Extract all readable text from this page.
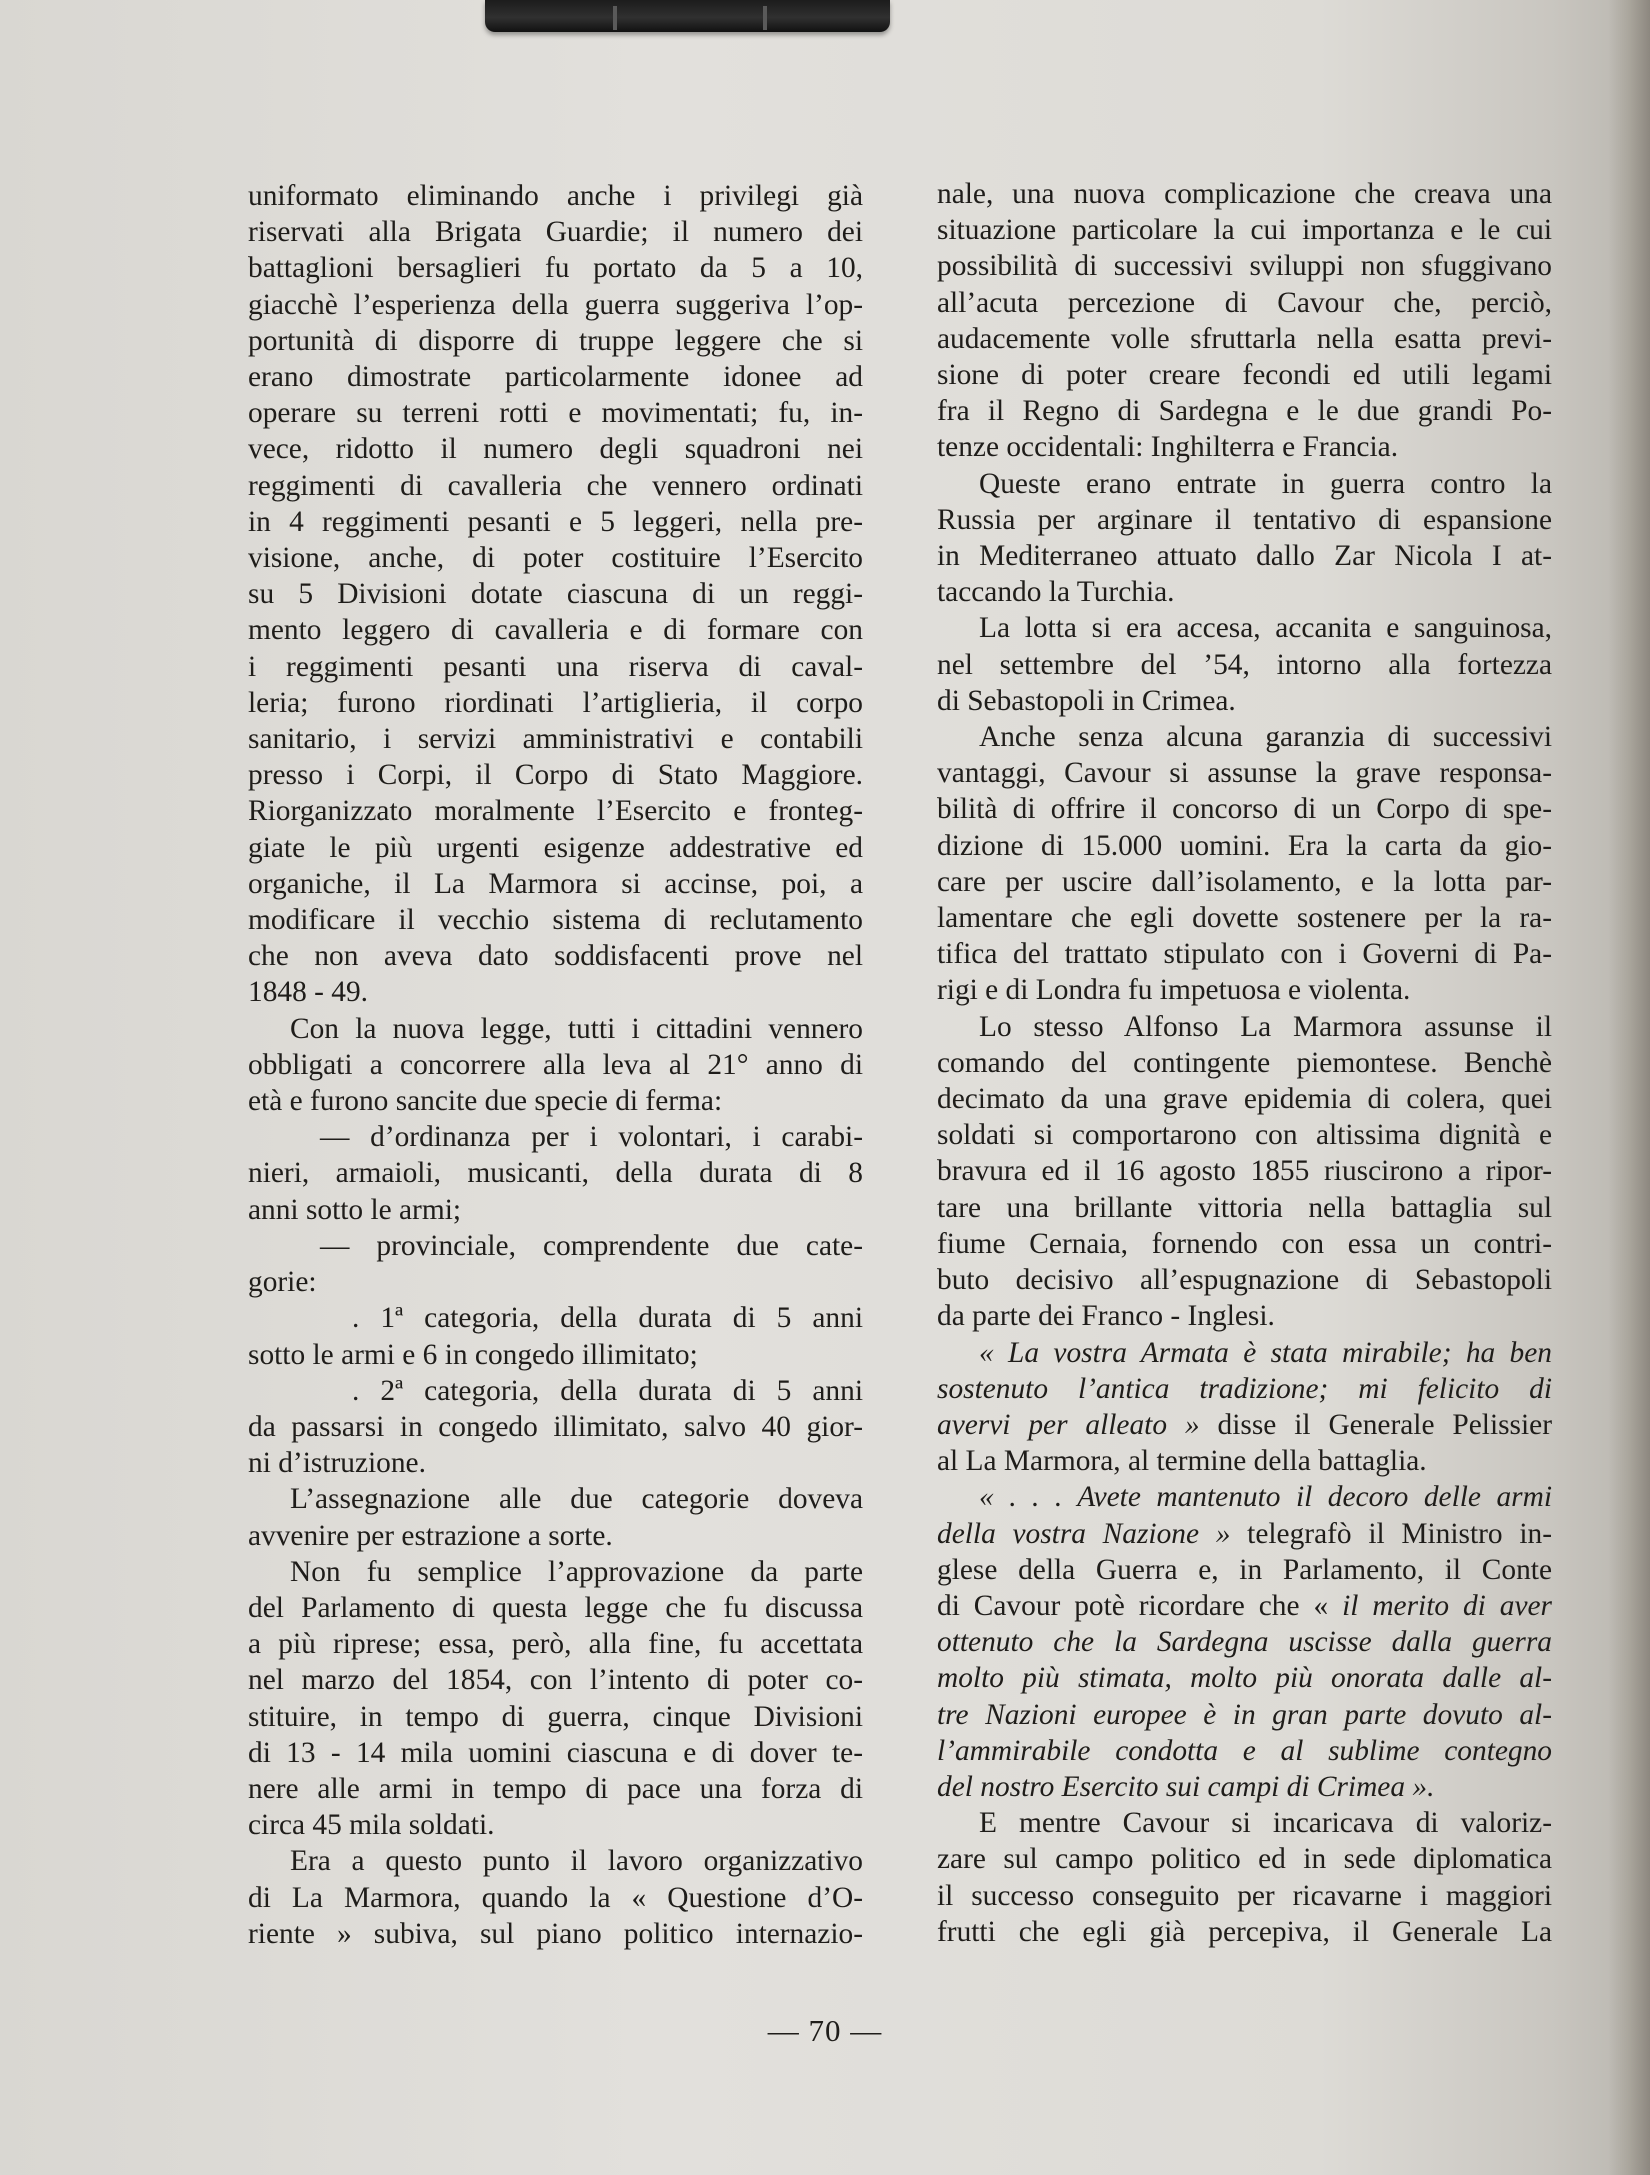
uniformato eliminando anche i privilegi già
riservati alla Brigata Guardie; il numero dei
battaglioni bersaglieri fu portato da 5 a 10,
giacchè l’esperienza della guerra suggeriva l’op-
portunità di disporre di truppe leggere che si
erano dimostrate particolarmente idonee ad
operare su terreni rotti e movimentati; fu, in-
vece, ridotto il numero degli squadroni nei
reggimenti di cavalleria che vennero ordinati
in 4 reggimenti pesanti e 5 leggeri, nella pre-
visione, anche, di poter costituire l’Esercito
su 5 Divisioni dotate ciascuna di un reggi-
mento leggero di cavalleria e di formare con
i reggimenti pesanti una riserva di caval-
leria; furono riordinati l’artiglieria, il corpo
sanitario, i servizi amministrativi e contabili
presso i Corpi, il Corpo di Stato Maggiore.
Riorganizzato moralmente l’Esercito e fronteg-
giate le più urgenti esigenze addestrative ed
organiche, il La Marmora si accinse, poi, a
modificare il vecchio sistema di reclutamento
che non aveva dato soddisfacenti prove nel
1848 - 49.
Con la nuova legge, tutti i cittadini vennero
obbligati a concorrere alla leva al 21° anno di
età e furono sancite due specie di ferma:
— d’ordinanza per i volontari, i carabi-
nieri, armaioli, musicanti, della durata di 8
anni sotto le armi;
— provinciale, comprendente due cate-
gorie:
. 1ª categoria, della durata di 5 anni
sotto le armi e 6 in congedo illimitato;
. 2ª categoria, della durata di 5 anni
da passarsi in congedo illimitato, salvo 40 gior-
ni d’istruzione.
L’assegnazione alle due categorie doveva
avvenire per estrazione a sorte.
Non fu semplice l’approvazione da parte
del Parlamento di questa legge che fu discussa
a più riprese; essa, però, alla fine, fu accettata
nel marzo del 1854, con l’intento di poter co-
stituire, in tempo di guerra, cinque Divisioni
di 13 - 14 mila uomini ciascuna e di dover te-
nere alle armi in tempo di pace una forza di
circa 45 mila soldati.
Era a questo punto il lavoro organizzativo
di La Marmora, quando la « Questione d’O-
riente » subiva, sul piano politico internazio-
nale, una nuova complicazione che creava una
situazione particolare la cui importanza e le cui
possibilità di successivi sviluppi non sfuggivano
all’acuta percezione di Cavour che, perciò,
audacemente volle sfruttarla nella esatta previ-
sione di poter creare fecondi ed utili legami
fra il Regno di Sardegna e le due grandi Po-
tenze occidentali: Inghilterra e Francia.
Queste erano entrate in guerra contro la
Russia per arginare il tentativo di espansione
in Mediterraneo attuato dallo Zar Nicola I at-
taccando la Turchia.
La lotta si era accesa, accanita e sanguinosa,
nel settembre del ’54, intorno alla fortezza
di Sebastopoli in Crimea.
Anche senza alcuna garanzia di successivi
vantaggi, Cavour si assunse la grave responsa-
bilità di offrire il concorso di un Corpo di spe-
dizione di 15.000 uomini. Era la carta da gio-
care per uscire dall’isolamento, e la lotta par-
lamentare che egli dovette sostenere per la ra-
tifica del trattato stipulato con i Governi di Pa-
rigi e di Londra fu impetuosa e violenta.
Lo stesso Alfonso La Marmora assunse il
comando del contingente piemontese. Benchè
decimato da una grave epidemia di colera, quei
soldati si comportarono con altissima dignità e
bravura ed il 16 agosto 1855 riuscirono a ripor-
tare una brillante vittoria nella battaglia sul
fiume Cernaia, fornendo con essa un contri-
buto decisivo all’espugnazione di Sebastopoli
da parte dei Franco - Inglesi.
« La vostra Armata è stata mirabile; ha ben
sostenuto l’antica tradizione; mi felicito di
avervi per alleato » disse il Generale Pelissier
al La Marmora, al termine della battaglia.
« . . . Avete mantenuto il decoro delle armi
della vostra Nazione » telegrafò il Ministro in-
glese della Guerra e, in Parlamento, il Conte
di Cavour potè ricordare che « il merito di aver
ottenuto che la Sardegna uscisse dalla guerra
molto più stimata, molto più onorata dalle al-
tre Nazioni europee è in gran parte dovuto al-
l’ammirabile condotta e al sublime contegno
del nostro Esercito sui campi di Crimea ».
E mentre Cavour si incaricava di valoriz-
zare sul campo politico ed in sede diplomatica
il successo conseguito per ricavarne i maggiori
frutti che egli già percepiva, il Generale La
— 70 —
